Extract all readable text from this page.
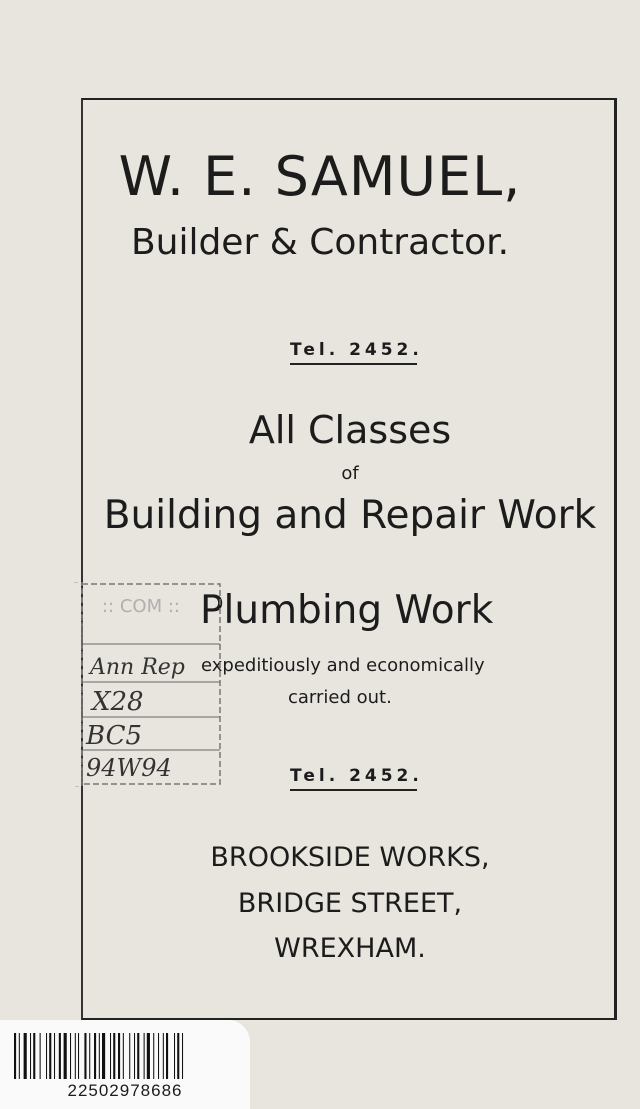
W. E. SAMUEL,
Builder & Contractor.
Tel. 2452.
All Classes
of
Building and Repair Work
Plumbing Work
expeditiously and economically
carried out.
Tel. 2452.
BROOKSIDE WORKS,
BRIDGE STREET,
WREXHAM.
:: COM ::
Ann Rep
X28
BC5
94W94
22502978686
